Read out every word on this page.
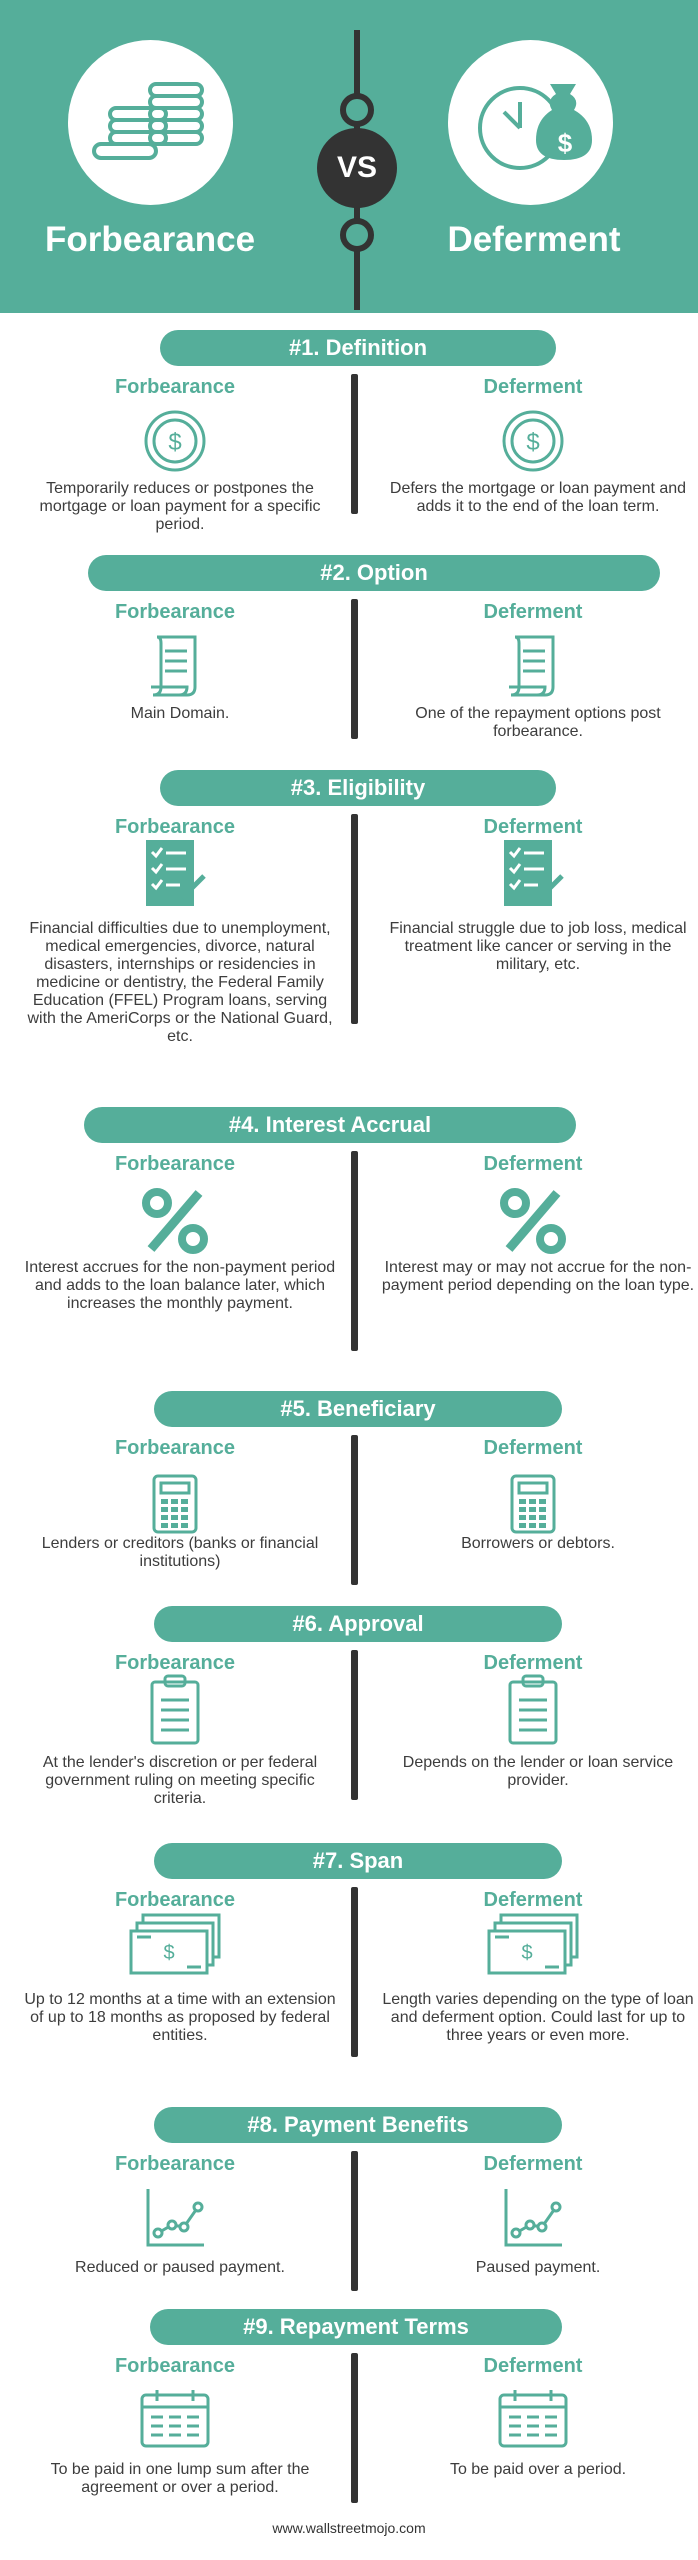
$
Forbearance	Deferment
VS
#1. Definition
Forbearance
$
Temporarily reduces or postpones the mortgage or loan payment for a specific period.
Deferment
$
Defers the mortgage or loan payment and adds it to the end of the loan term.
#2. Option
Forbearance
Main Domain.
Deferment
One of the repayment options post forbearance.
#3. Eligibility
Forbearance
Financial difficulties due to unemployment, medical emergencies, divorce, natural disasters, internships or residencies in medicine or dentistry, the Federal Family Education (FFEL) Program loans, serving with the AmeriCorps or the National Guard, etc.
Deferment
Financial struggle due to job loss, medical treatment like cancer or serving in the military, etc.
#4. Interest Accrual
Forbearance
Interest accrues for the non-payment period and adds to the loan balance later, which increases the monthly payment.
Deferment
Interest may or may not accrue for the non-payment period depending on the loan type.
#5. Beneficiary
Forbearance
Lenders or creditors (banks or financial institutions)
Deferment
Borrowers or debtors.
#6. Approval
Forbearance
At the lender's discretion or per federal government ruling on meeting specific criteria.
Deferment
Depends on the lender or loan service provider.
#7. Span
Forbearance
$
Up to 12 months at a time with an extension of up to 18 months as proposed by federal entities.
Deferment
$
Length varies depending on the type of loan and deferment option. Could last for up to three years or even more.
#8. Payment Benefits
Forbearance
Reduced or paused payment.
Deferment
Paused payment.
#9. Repayment Terms
Forbearance
To be paid in one lump sum after the agreement or over a period.
Deferment
To be paid over a period.
www.wallstreetmojo.com
